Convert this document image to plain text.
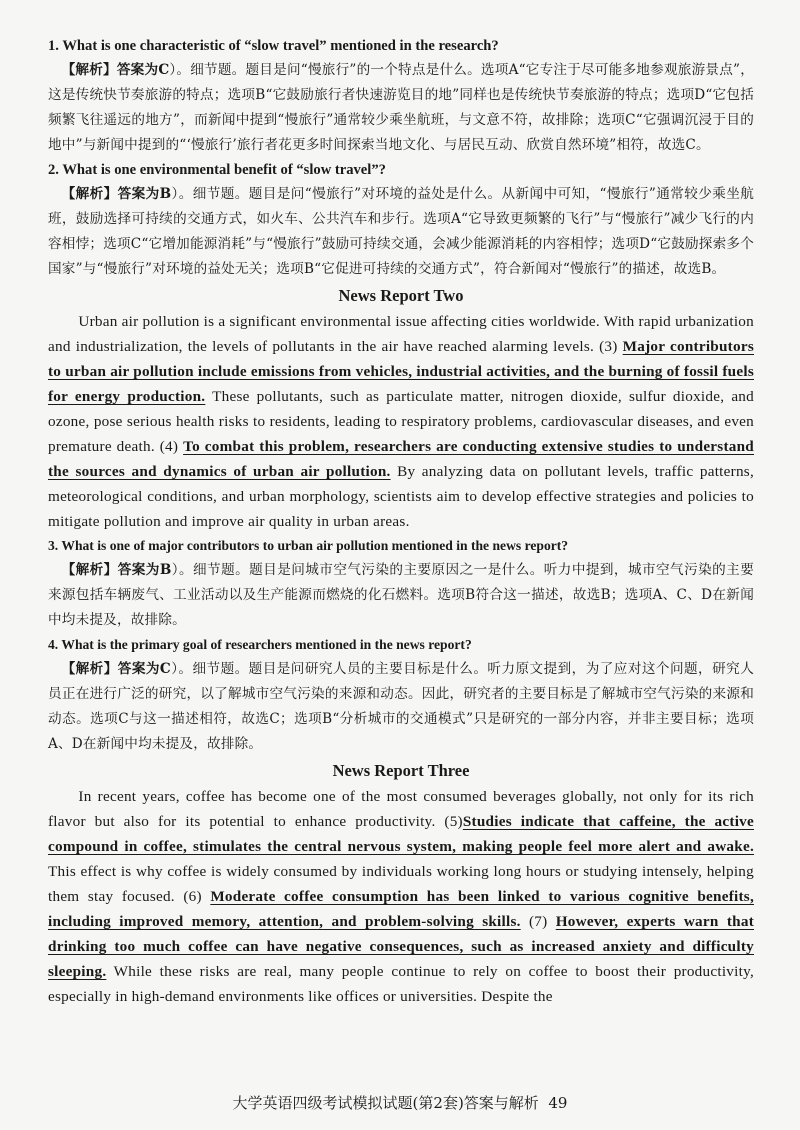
1. What is one characteristic of “slow travel” mentioned in the research?
【解析】答案为C）。细节题。题目是问“慢旅行”的一个特点是什么。选项A“它专注于尽可能多地参观旅游景点”，这是传统快节奏旅游的特点；选项B“它鼓励旅行者快速游览目的地”同样也是传统快节奏旅游的特点；选项D“它包括频繁飞往遥远的地方”，而新闻中提到“慢旅行”通常较少乘坐航班，与文意不符，故排除；选项C“它强调沉浸于目的地中”与新闻中提到的“‘慢旅行’旅行者花更多时间探索当地文化、与居民互动、欣赏自然环境”相符，故选C。
2. What is one environmental benefit of “slow travel”?
【解析】答案为B）。细节题。题目是问“慢旅行”对环境的益处是什么。从新闻中可知，“慢旅行”通常较少乘坐航班，鼓励选择可持续的交通方式，如火车、公共汽车和步行。选项A“它导致更频繁的飞行”与“慢旅行”减少飞行的内容相悖；选项C“它增加能源消耗”与“慢旅行”鼓励可持续交通，会减少能源消耗的内容相悖；选项D“它鼓励探索多个国家”与“慢旅行”对环境的益处无关；选项B“它促进可持续的交通方式”，符合新闻对“慢旅行”的描述，故选B。
News Report Two
Urban air pollution is a significant environmental issue affecting cities worldwide. With rapid urbanization and industrialization, the levels of pollutants in the air have reached alarming levels. (3) Major contributors to urban air pollution include emissions from vehicles, industrial activities, and the burning of fossil fuels for energy production. These pollutants, such as particulate matter, nitrogen dioxide, sulfur dioxide, and ozone, pose serious health risks to residents, leading to respiratory problems, cardiovascular diseases, and even premature death. (4) To combat this problem, researchers are conducting extensive studies to understand the sources and dynamics of urban air pollution. By analyzing data on pollutant levels, traffic patterns, meteorological conditions, and urban morphology, scientists aim to develop effective strategies and policies to mitigate pollution and improve air quality in urban areas.
3. What is one of major contributors to urban air pollution mentioned in the news report?
【解析】答案为B）。细节题。题目是问城市空气污染的主要原因之一是什么。听力中提到，城市空气污染的主要来源包括车辆废气、工业活动以及生产能源而燃烧的化石燃料。选项B符合这一描述，故选B；选项A、C、D在新闻中均未提及，故排除。
4. What is the primary goal of researchers mentioned in the news report?
【解析】答案为C）。细节题。题目是问研究人员的主要目标是什么。听力原文提到，为了应对这个问题，研究人员正在进行广泛的研究，以了解城市空气污染的来源和动态。因此，研究者的主要目标是了解城市空气污染的来源和动态。选项C与这一描述相符，故选C；选项B“分析城市的交通模式”只是研究的一部分内容，并非主要目标；选项A、D在新闻中均未提及，故排除。
News Report Three
In recent years, coffee has become one of the most consumed beverages globally, not only for its rich flavor but also for its potential to enhance productivity. (5)Studies indicate that caffeine, the active compound in coffee, stimulates the central nervous system, making people feel more alert and awake. This effect is why coffee is widely consumed by individuals working long hours or studying intensely, helping them stay focused. (6) Moderate coffee consumption has been linked to various cognitive benefits, including improved memory, attention, and problem-solving skills. (7) However, experts warn that drinking too much coffee can have negative consequences, such as increased anxiety and difficulty sleeping. While these risks are real, many people continue to rely on coffee to boost their productivity, especially in high-demand environments like offices or universities. Despite the
大学英语四级考试模拟试题(第2套)答案与解析 49
